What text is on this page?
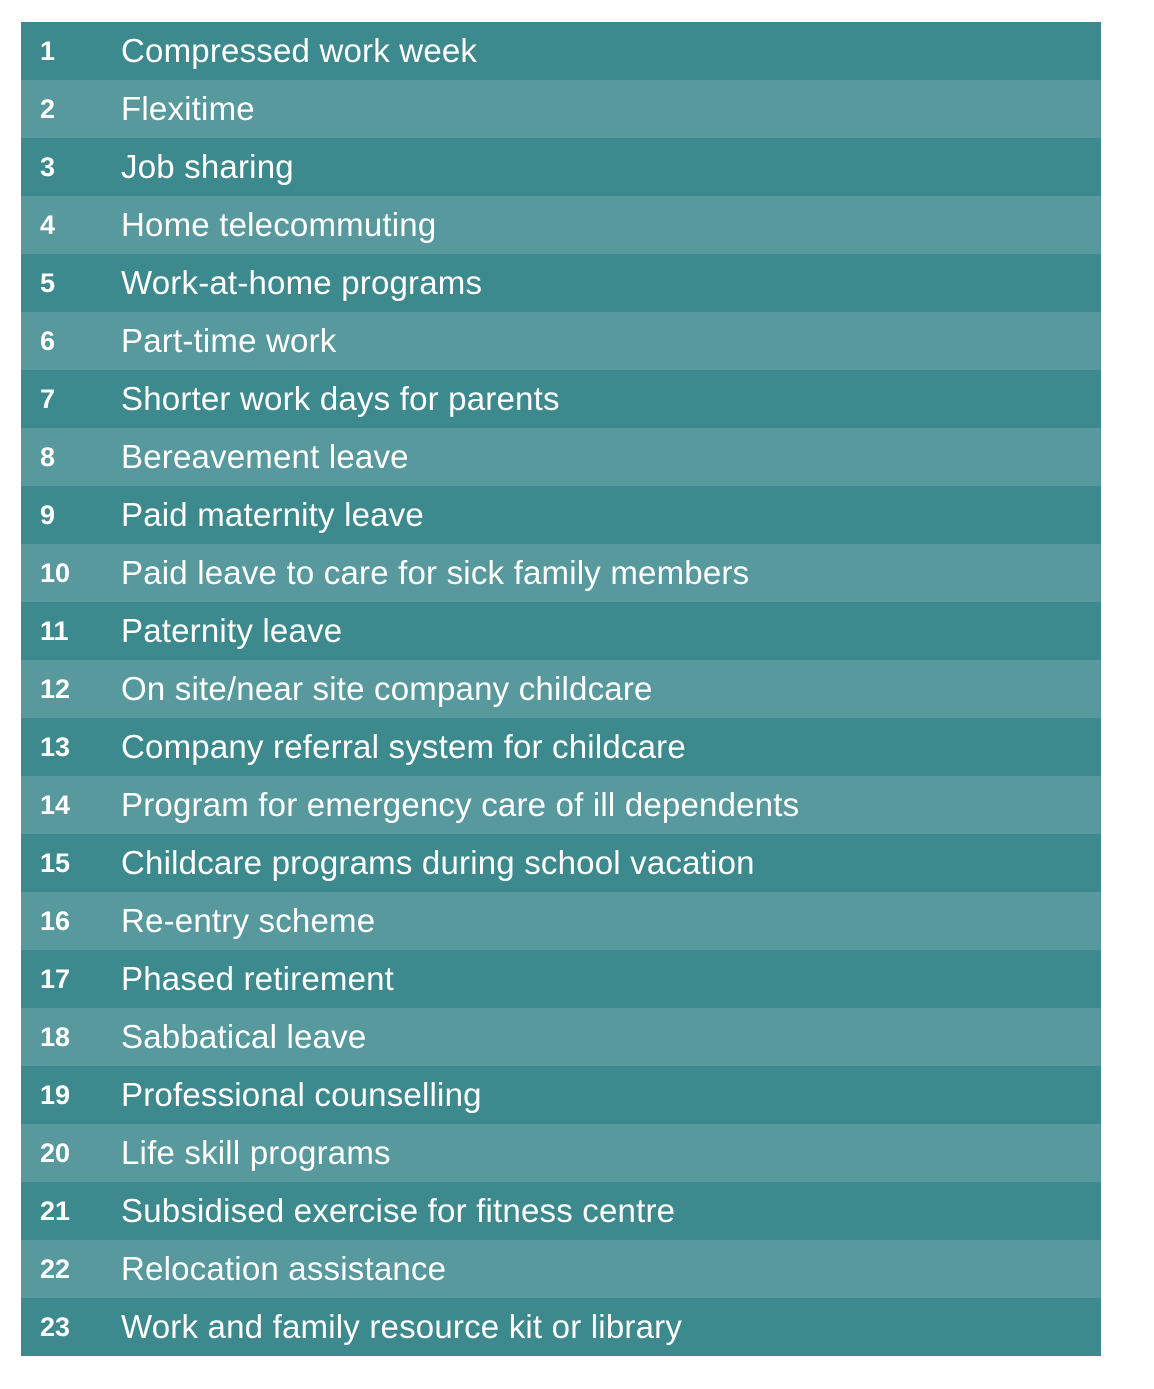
1	Compressed work week
2	Flexitime
3	Job sharing
4	Home telecommuting
5	Work-at-home programs
6	Part-time work
7	Shorter work days for parents
8	Bereavement leave
9	Paid maternity leave
10	Paid leave to care for sick family members
11	Paternity leave
12	On site/near site company childcare
13	Company referral system for childcare
14	Program for emergency care of ill dependents
15	Childcare programs during school vacation
16	Re-entry scheme
17	Phased retirement
18	Sabbatical leave
19	Professional counselling
20	Life skill programs
21	Subsidised exercise for fitness centre
22	Relocation assistance
23	Work and family resource kit or library
